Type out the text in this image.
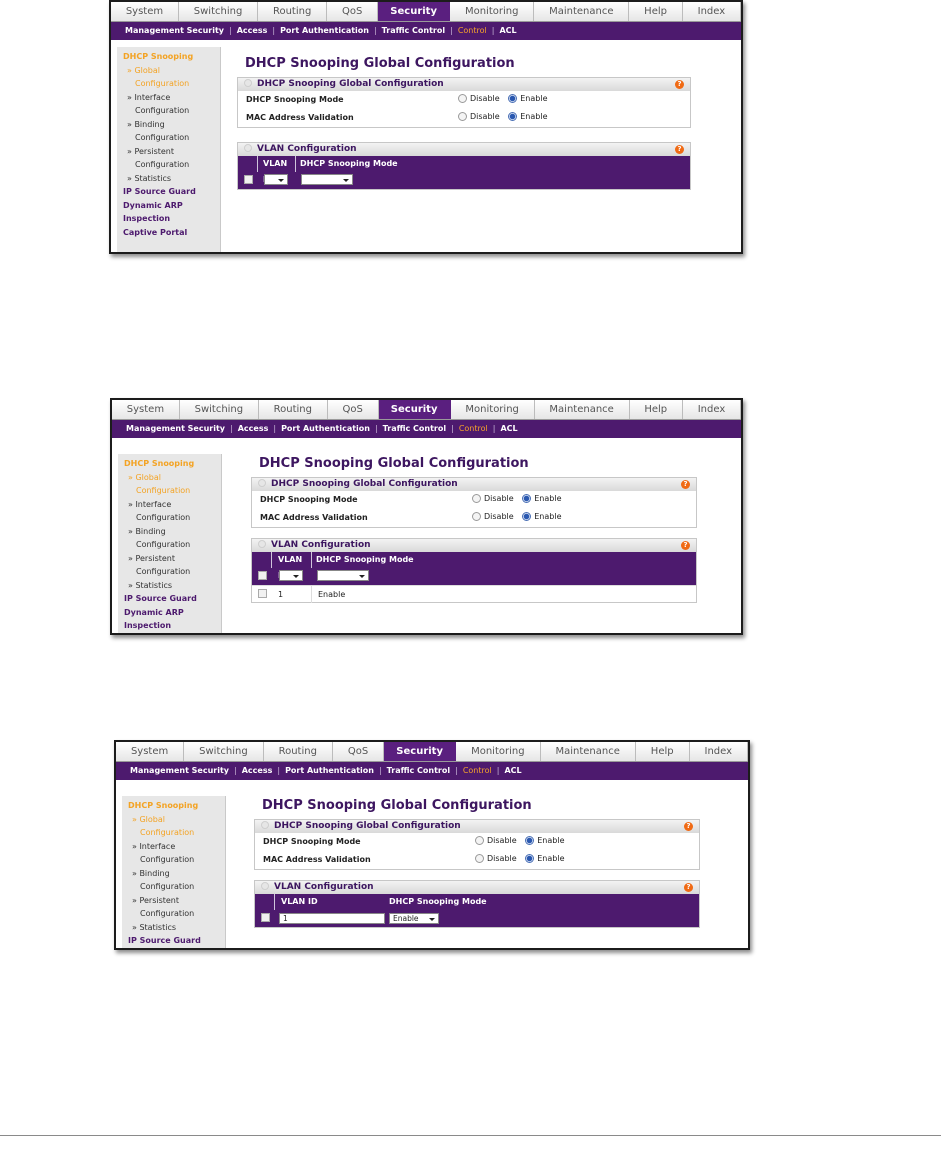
System	Switching	Routing	QoS	Security	Monitoring	Maintenance	Help	Index
Management Security | Access | Port Authentication | Traffic Control | Control | ACL
DHCP Snooping
» Global
Configuration
» Interface
Configuration
» Binding
Configuration
» Persistent
Configuration
» Statistics
IP Source Guard
Dynamic ARP
Inspection
Captive Portal
DHCP Snooping Global Configuration
DHCP Snooping Global Configuration	?
DHCP Snooping Mode	Disable	Enable
MAC Address Validation	Disable	Enable
VLAN Configuration	?
VLAN	DHCP Snooping Mode
System	Switching	Routing	QoS	Security	Monitoring	Maintenance	Help	Index
Management Security | Access | Port Authentication | Traffic Control | Control | ACL
DHCP Snooping
» Global
Configuration
» Interface
Configuration
» Binding
Configuration
» Persistent
Configuration
» Statistics
IP Source Guard
Dynamic ARP
Inspection
DHCP Snooping Global Configuration
DHCP Snooping Global Configuration	?
DHCP Snooping Mode	Disable	Enable
MAC Address Validation	Disable	Enable
VLAN Configuration	?
VLAN	DHCP Snooping Mode
1	Enable
System	Switching	Routing	QoS	Security	Monitoring	Maintenance	Help	Index
Management Security | Access | Port Authentication | Traffic Control | Control | ACL
DHCP Snooping
» Global
Configuration
» Interface
Configuration
» Binding
Configuration
» Persistent
Configuration
» Statistics
IP Source Guard
DHCP Snooping Global Configuration
DHCP Snooping Global Configuration	?
DHCP Snooping Mode	Disable	Enable
MAC Address Validation	Disable	Enable
VLAN Configuration	?
VLAN ID	DHCP Snooping Mode
1	Enable
